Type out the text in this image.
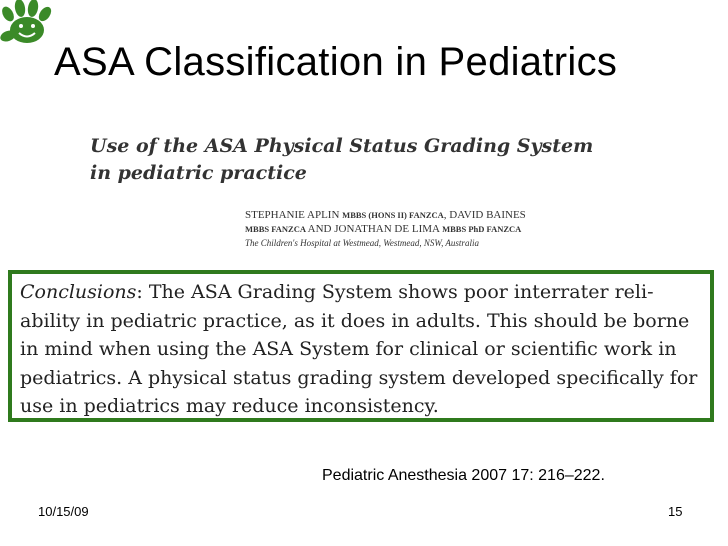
ASA Classification in Pediatrics
Use of the ASA Physical Status Grading System
in pediatric practice
STEPHANIE APLIN MBBS (HONS II) FANZCA, DAVID BAINES
MBBS FANZCA AND JONATHAN DE LIMA MBBS PhD FANZCA
The Children's Hospital at Westmead, Westmead, NSW, Australia
Conclusions: The ASA Grading System shows poor interrater reli-
ability in pediatric practice, as it does in adults. This should be borne
in mind when using the ASA System for clinical or scientific work in
pediatrics. A physical status grading system developed specifically for
use in pediatrics may reduce inconsistency.
Pediatric Anesthesia 2007 17: 216–222.
10/15/09	15
